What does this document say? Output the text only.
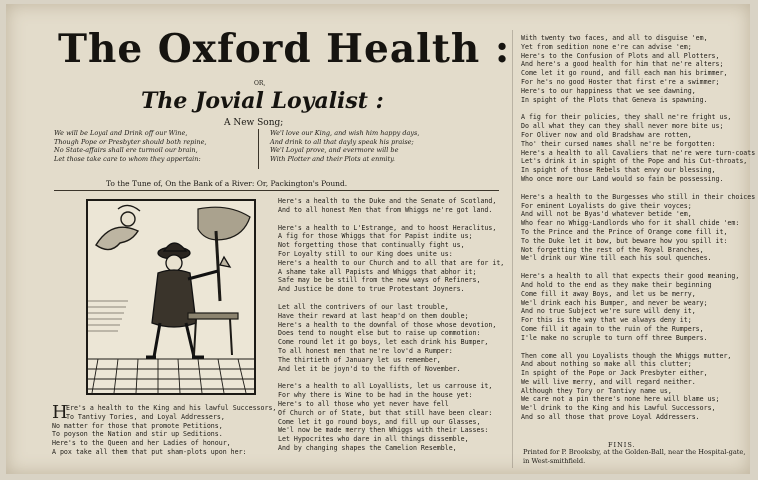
The Oxford Health :
OR,
The Jovial Loyalist :
A New Song;
We will be Loyal and Drink off our Wine,
Though Pope or Presbyter should both repine,
No State-affairs shall ere turmoil our brain,
Let those take care to whom they appertain:
We'l love our King, and wish him happy days,
And drink to all that dayly speak his praise;
We'l Loyal prove, and evermore will be
With Plotter and their Plots at enmity.
To the Tune of, On the Bank of a River: Or, Packington's Pound.
Here's a health to the Duke and the Senate of Scotland,
And to all honest Men that from Whiggs ne're got land.
Here's a health to L'Estrange, and to hoost Heraclitus,
A fig for those Whiggs that for Papist indite us;
Not forgetting those that continually fight us,
For Loyalty still to our King does unite us:
Here's a health to our Church and to all that are for it,
A shame take all Papists and Whiggs that abhor it;
Safe may be be still from the new ways of Refiners,
And Justice be done to true Protestant Joyners.
Let all the contrivers of our last trouble,
Have their reward at last heap'd on them double;
Here's a health to the downfal of those whose devotion,
Does tend to nought else but to raise up commotion:
Come round let it go boys, let each drink his Bumper,
To all honest men that ne're lov'd a Rumper:
The thirtieth of January let us remember,
And let it be joyn'd to the fifth of November.
Here's a health to all Loyallists, let us carrouse it,
For why there is Wine to be had in the house yet:
Here's to all those who yet never have fell
Of Church or of State, but that still have been clear:
Come let it go round boys, and fill up our Glasses,
We'l now be made merry then Whiggs with their Lasses:
Let Hypocrites who dare in all things dissemble,
And by changing shapes the Camelion Resemble,
H
Ere's a health to the King and his lawful Successors,
To Tantivy Tories, and Loyal Addressers,
No matter for those that promote Petitions,
To poyson the Nation and stir up Seditions.
Here's to the Queen and her Ladies of honour,
A pox take all them that put sham-plots upon her:
With twenty two faces, and all to disguise 'em,
Yet from sedition none e're can advise 'em;
Here's to the Confusion of Plots and all Plotters,
And here's a good health for him that ne're alters;
Come let it go round, and fill each man his brimmer,
For he's no good Hoster that first e're a swimmer;
Here's to our happiness that we see dawning,
In spight of the Plots that Geneva is spawning.
A fig for their policies, they shall ne're fright us,
Do all what they can they shall never more bite us;
For Oliver now and old Bradshaw are rotten,
Tho' their cursed names shall ne're be forgotten:
Here's a health to all Cavaliers that ne're were turn-coats
Let's drink it in spight of the Pope and his Cut-throats,
In spight of those Rebels that envy our blessing,
Who once more our Land would so fain be possessing.
Here's a health to the Burgesses who still in their choices
For eminent Loyalists do give their voyces;
And will not be Byas'd whatever betide 'em,
Who fear no Whigg-Landlords who for it shall chide 'em:
To the Prince and the Prince of Orange come fill it,
To the Duke let it bow, but beware how you spill it:
Not forgetting the rest of the Royal Branches,
We'l drink our Wine till each his soul quenches.
Here's a health to all that expects their good meaning,
And hold to the end as they make their beginning
Come fill it away Boys, and let us be merry,
We'l drink each his Bumper, and never be weary;
And no true Subject we're sure will deny it,
For this is the way that we always deny it;
Come fill it again to the ruin of the Rumpers,
I'le make no scruple to turn off three Bumpers.
Then come all you Loyalists though the Whiggs mutter,
And about nothing so make all this clutter;
In spight of the Pope or Jack Presbyter either,
We will live merry, and will regard neither.
Although they Tory or Tantivy name us,
We care not a pin there's none here will blame us;
We'l drink to the King and his Lawful Successors,
And so all those that prove Loyal Addressers.
FINIS.
Printed for P. Brooksby, at the Golden-Ball, near the Hospital-gate, in West-smithfield.
